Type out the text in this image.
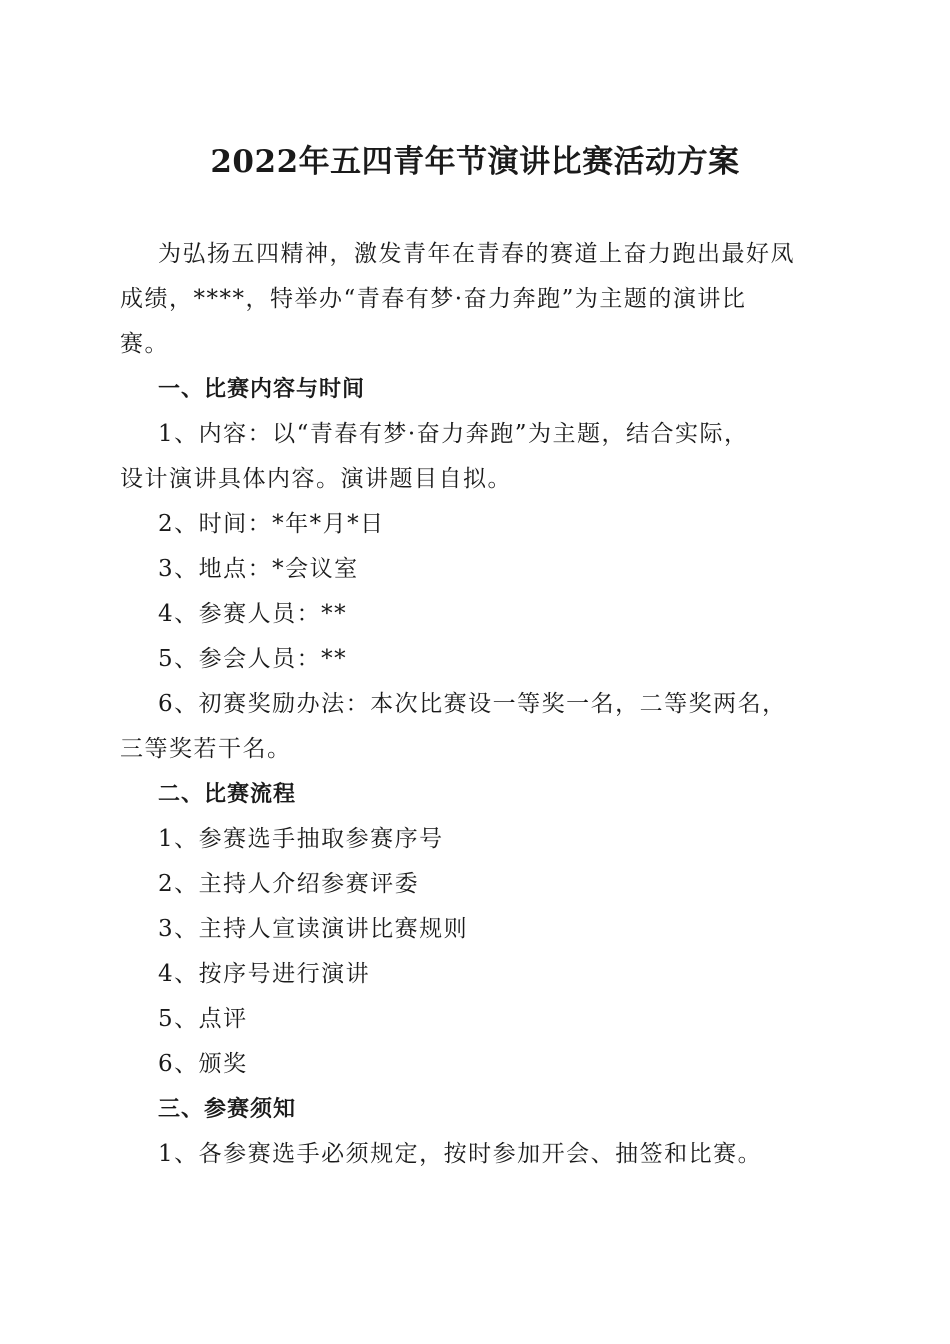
2022年五四青年节演讲比赛活动方案

为弘扬五四精神，激发青年在青春的赛道上奋力跑出最好凤
成绩，****，特举办“青春有梦·奋力奔跑”为主题的演讲比
赛。

一、比赛内容与时间

1、内容：以“青春有梦·奋力奔跑”为主题，结合实际，
设计演讲具体内容。演讲题目自拟。

2、时间：*年*月*日

3、地点：*会议室

4、参赛人员：**

5、参会人员：**

6、初赛奖励办法：本次比赛设一等奖一名，二等奖两名，
三等奖若干名。

二、比赛流程

1、参赛选手抽取参赛序号

2、主持人介绍参赛评委

3、主持人宣读演讲比赛规则

4、按序号进行演讲

5、点评

6、颁奖

三、参赛须知

1、各参赛选手必须规定，按时参加开会、抽签和比赛。
